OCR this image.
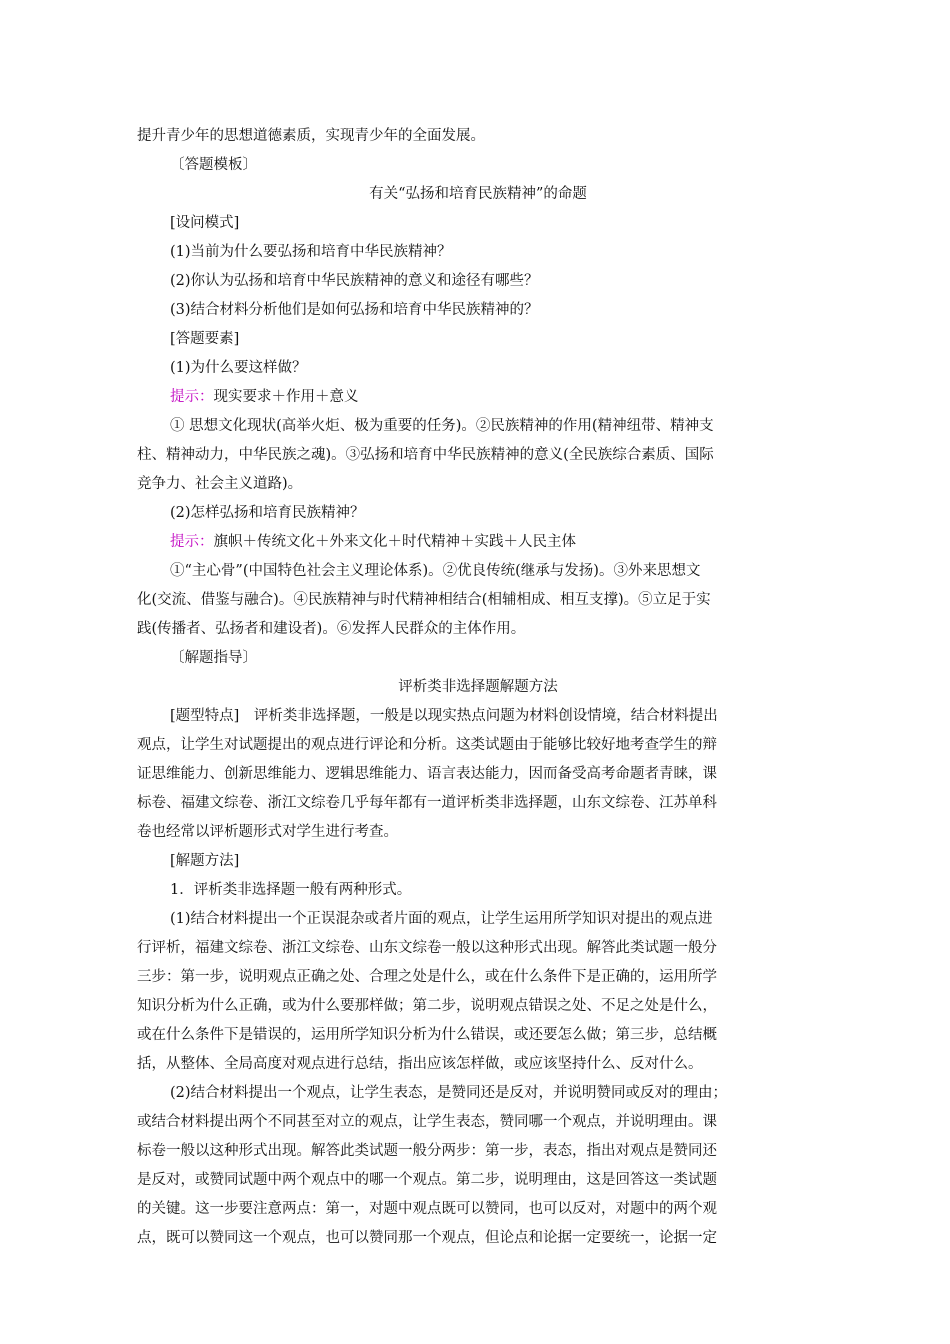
提升青少年的思想道德素质，实现青少年的全面发展。
〔答题模板〕
有关“弘扬和培育民族精神”的命题
[设问模式]
(1)当前为什么要弘扬和培育中华民族精神？
(2)你认为弘扬和培育中华民族精神的意义和途径有哪些？
(3)结合材料分析他们是如何弘扬和培育中华民族精神的？
[答题要素]
(1)为什么要这样做？
提示：现实要求＋作用＋意义
① 思想文化现状(高举火炬、极为重要的任务)。②民族精神的作用(精神纽带、精神支
柱、精神动力，中华民族之魂)。③弘扬和培育中华民族精神的意义(全民族综合素质、国际
竞争力、社会主义道路)。
(2)怎样弘扬和培育民族精神？
提示：旗帜＋传统文化＋外来文化＋时代精神＋实践＋人民主体
①“主心骨”(中国特色社会主义理论体系)。②优良传统(继承与发扬)。③外来思想文
化(交流、借鉴与融合)。④民族精神与时代精神相结合(相辅相成、相互支撑)。⑤立足于实
践(传播者、弘扬者和建设者)。⑥发挥人民群众的主体作用。
〔解题指导〕
评析类非选择题解题方法
[题型特点]　评析类非选择题，一般是以现实热点问题为材料创设情境，结合材料提出
观点，让学生对试题提出的观点进行评论和分析。这类试题由于能够比较好地考查学生的辩
证思维能力、创新思维能力、逻辑思维能力、语言表达能力，因而备受高考命题者青睐，课
标卷、福建文综卷、浙江文综卷几乎每年都有一道评析类非选择题，山东文综卷、江苏单科
卷也经常以评析题形式对学生进行考查。
[解题方法]
1．评析类非选择题一般有两种形式。
(1)结合材料提出一个正误混杂或者片面的观点，让学生运用所学知识对提出的观点进
行评析，福建文综卷、浙江文综卷、山东文综卷一般以这种形式出现。解答此类试题一般分
三步：第一步，说明观点正确之处、合理之处是什么，或在什么条件下是正确的，运用所学
知识分析为什么正确，或为什么要那样做；第二步，说明观点错误之处、不足之处是什么，
或在什么条件下是错误的，运用所学知识分析为什么错误，或还要怎么做；第三步，总结概
括，从整体、全局高度对观点进行总结，指出应该怎样做，或应该坚持什么、反对什么。
(2)结合材料提出一个观点，让学生表态，是赞同还是反对，并说明赞同或反对的理由；
或结合材料提出两个不同甚至对立的观点，让学生表态，赞同哪一个观点，并说明理由。课
标卷一般以这种形式出现。解答此类试题一般分两步：第一步，表态，指出对观点是赞同还
是反对，或赞同试题中两个观点中的哪一个观点。第二步，说明理由，这是回答这一类试题
的关键。这一步要注意两点：第一，对题中观点既可以赞同，也可以反对，对题中的两个观
点，既可以赞同这一个观点，也可以赞同那一个观点，但论点和论据一定要统一，论据一定
